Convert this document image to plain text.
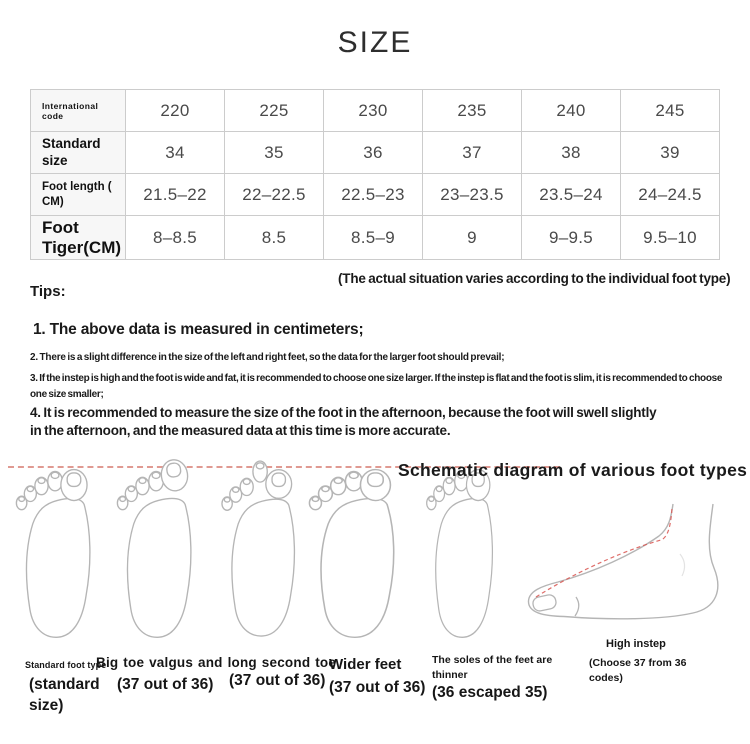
SIZE
International code	220	225	230	235	240	245
Standard size	34	35	36	37	38	39
Foot length ( CM)	21.5–22	22–22.5	22.5–23	23–23.5	23.5–24	24–24.5
Foot Tiger(CM)	8–8.5	8.5	8.5–9	9	9–9.5	9.5–10
Tips:
(The actual situation varies according to the individual foot type)
1. The above data is measured in centimeters;
2. There is a slight difference in the size of the left and right feet, so the data for the larger foot should prevail;
3. If the instep is high and the foot is wide and fat, it is recommended to choose one size larger. If the instep is flat and the foot is slim, it is recommended to choose one size smaller;
4. It is recommended to measure the size of the foot in the afternoon, because the foot will swell slightly in the afternoon, and the measured data at this time is more accurate.
Schematic diagram of various foot types
Standard foot type
Big toe valgus and long second toe
(standard size)
(37 out of 36) (37 out of 36)
Wider feet
(37 out of 36)
The soles of the feet are thinner
(36 escaped 35)
High instep
(Choose 37 from 36 codes)
